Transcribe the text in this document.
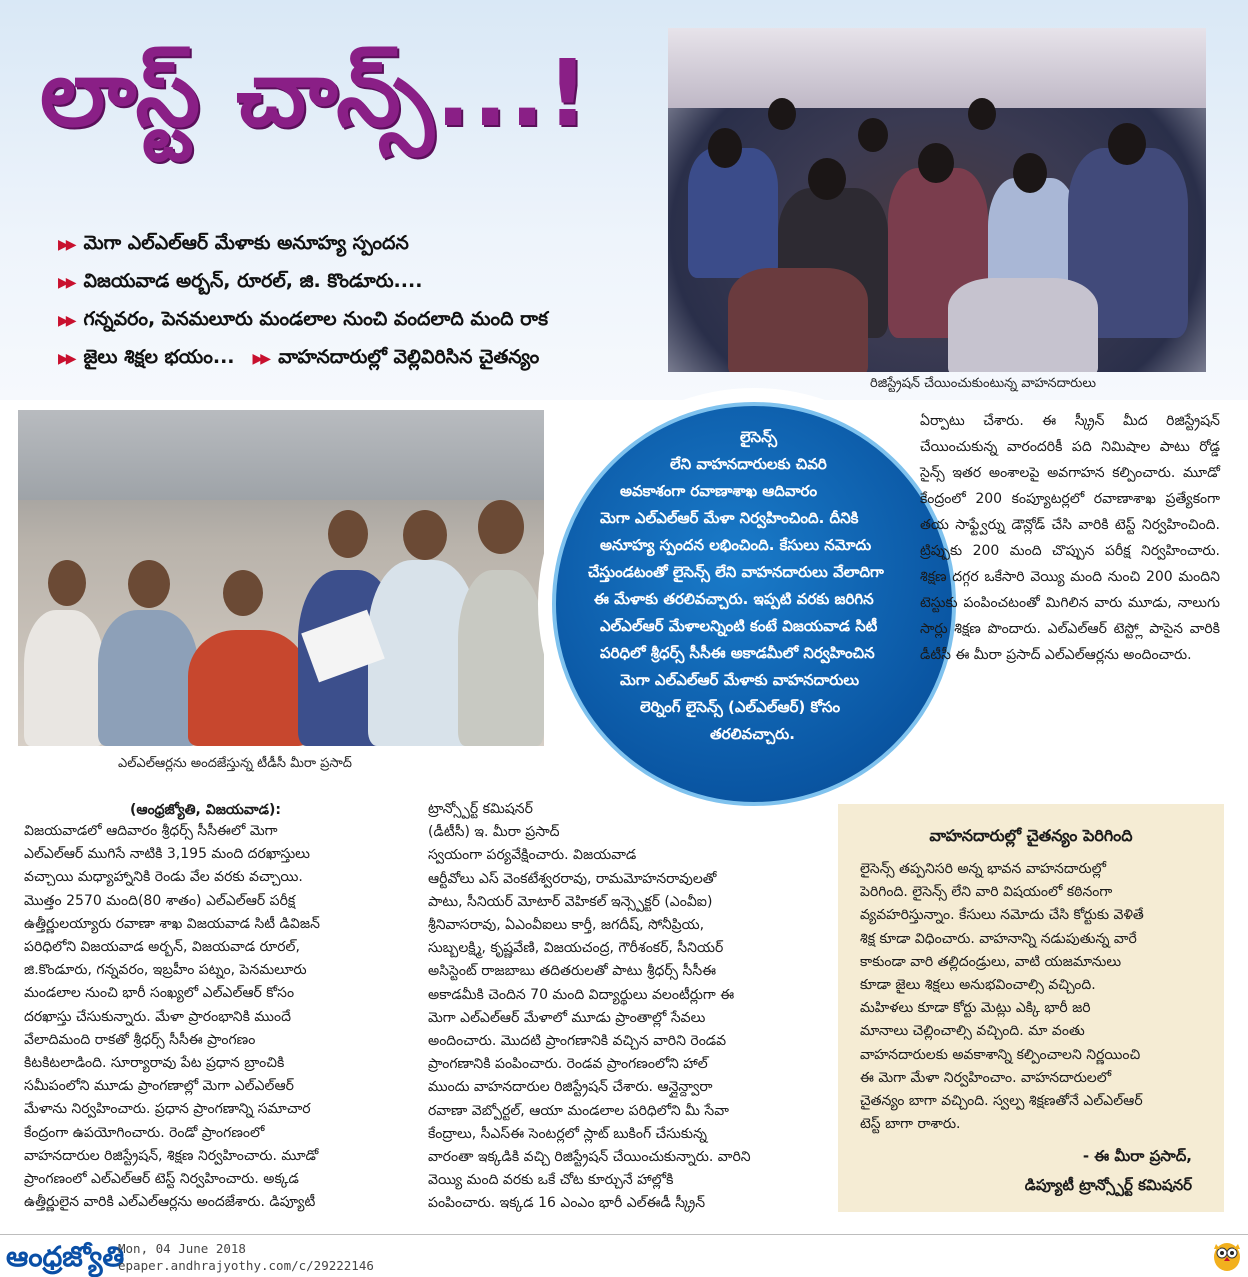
లాస్ట్ చాన్స్...!
▶▶ మెగా ఎల్ఎల్ఆర్ మేళాకు అనూహ్య స్పందన
▶▶ విజయవాడ అర్బన్, రూరల్, జి. కొండూరు....
▶▶ గన్నవరం, పెనమలూరు మండలాల నుంచి వందలాది మంది రాక
▶▶ జైలు శిక్షల భయం... ▶▶ వాహనదారుల్లో వెల్లివిరిసిన చైతన్యం
రిజిస్ట్రేషన్ చేయించుకుంటున్న వాహనదారులు
ఎల్ఎల్ఆర్లను అందజేస్తున్న టీడీసీ మీరా ప్రసాద్
లైసెన్స్
లేని వాహనదారులకు చివరి
అవకాశంగా రవాణాశాఖ ఆదివారం
మెగా ఎల్ఎల్ఆర్ మేళా నిర్వహించింది. దీనికి
అనూహ్య స్పందన లభించింది. కేసులు నమోదు
చేస్తుండటంతో లైసెన్స్ లేని వాహనదారులు వేలాదిగా
ఈ మేళాకు తరలివచ్చారు. ఇప్పటి వరకు జరిగిన
ఎల్ఎల్ఆర్ మేళాలన్నింటి కంటే విజయవాడ సిటీ
పరిధిలో శ్రీధర్స్ సీసీఈ అకాడమీలో నిర్వహించిన
మెగా ఎల్ఎల్ఆర్ మేళాకు వాహనదారులు
లెర్నింగ్ లైసెన్స్ (ఎల్ఎల్ఆర్) కోసం
తరలివచ్చారు.
ఏర్పాటు చేశారు. ఈ స్క్రీన్ మీద రిజిస్ట్రేషన్ చేయించుకున్న వారందరికీ పది నిమిషాల పాటు రోడ్డ సైన్స్ ఇతర అంశాలపై అవగాహన కల్పించారు. మూడో కేంద్రంలో 200 కంప్యూటర్లలో రవాణాశాఖ ప్రత్యేకంగా తయ సాఫ్ట్వేర్ను డౌన్లోడ్ చేసి వారికి టెస్ట్ నిర్వహించింది. ట్రిప్పుకు 200 మంది చొప్పున పరీక్ష నిర్వహించారు. శిక్షణ దగ్గర ఒకేసారి వెయ్యి మంది నుంచి 200 మందిని టెస్టుకు పంపించటంతో మిగిలిన వారు మూడు, నాలుగు సార్లు శిక్షణ పొందారు. ఎల్ఎల్ఆర్ టెస్ట్లో పాసైన వారికి డీటీసీ ఈ మీరా ప్రసాద్ ఎల్ఎల్ఆర్లను అందించారు.
(ఆంధ్రజ్యోతి, విజయవాడ):
విజయవాడలో ఆదివారం శ్రీధర్స్ సీసీఈలో మెగా
ఎల్ఎల్ఆర్ ముగిసే నాటికి 3,195 మంది దరఖాస్తులు
వచ్చాయి మధ్యాహ్నానికి రెండు వేల వరకు వచ్చాయి.
మొత్తం 2570 మంది(80 శాతం) ఎల్ఎల్ఆర్ పరీక్ష
ఉత్తీర్ణులయ్యారు రవాణా శాఖ విజయవాడ సిటీ డివిజన్
పరిధిలోని విజయవాడ అర్బన్, విజయవాడ రూరల్,
జి.కొండూరు, గన్నవరం, ఇబ్రహీం పట్నం, పెనమలూరు
మండలాల నుంచి భారీ సంఖ్యలో ఎల్ఎల్ఆర్ కోసం
దరఖాస్తు చేసుకున్నారు. మేళా ప్రారంభానికి ముందే
వేలాదిమంది రాకతో శ్రీధర్స్ సీసీఈ ప్రాంగణం
కిటకిటలాడింది. సూర్యారావు పేట ప్రధాన బ్రాంచికి
సమీపంలోని మూడు ప్రాంగణాల్లో మెగా ఎల్ఎల్ఆర్
మేళాను నిర్వహించారు. ప్రధాన ప్రాంగణాన్ని సమాచార
కేంద్రంగా ఉపయోగించారు. రెండో ప్రాంగణంలో
వాహనదారుల రిజిస్ట్రేషన్, శిక్షణ నిర్వహించారు. మూడో
ప్రాంగణంలో ఎల్ఎల్ఆర్ టెస్ట్ నిర్వహించారు. అక్కడ
ఉత్తీర్ణులైన వారికి ఎల్ఎల్ఆర్లను అందజేశారు. డిప్యూటీ
ట్రాన్స్పోర్ట్ కమిషనర్
(డీటీసీ) ఇ. మీరా ప్రసాద్
స్వయంగా పర్యవేక్షించారు. విజయవాడ
ఆర్టీవోలు ఎస్ వెంకటేశ్వరరావు, రామమోహనరావులతో
పాటు, సీనియర్ మోటార్ వెహికల్ ఇన్స్పెక్టర్ (ఎంవీఐ)
శ్రీనివాసరావు, ఏఎంవీఐలు కార్తీ, జగదీష్, సోనీప్రియ,
సుబ్బలక్ష్మి, కృష్ణవేణి, విజయచంద్ర, గౌరీశంకర్, సీనియర్
అసిస్టెంట్ రాజబాబు తదితరులతో పాటు శ్రీధర్స్ సీసీఈ
అకాడమీకి చెందిన 70 మంది విద్యార్థులు వలంటీర్లుగా ఈ
మెగా ఎల్ఎల్ఆర్ మేళాలో మూడు ప్రాంతాల్లో సేవలు
అందించారు. మొదటి ప్రాంగణానికి వచ్చిన వారిని రెండవ
ప్రాంగణానికి పంపించారు. రెండవ ప్రాంగణంలోని హాల్
ముందు వాహనదారుల రిజిస్ట్రేషన్ చేశారు. ఆన్లైన్ద్వారా
రవాణా వెబ్పోర్టల్, ఆయా మండలాల పరిధిలోని మీ సేవా
కేంద్రాలు, సీఎస్ఈ సెంటర్లలో స్లాట్ బుకింగ్ చేసుకున్న
వారంతా ఇక్కడికి వచ్చి రిజిస్ట్రేషన్ చేయించుకున్నారు. వారిని
వెయ్యి మంది వరకు ఒకే చోట కూర్చునే హాల్లోకి
పంపించారు. ఇక్కడ 16 ఎంఎం భారీ ఎల్ఈడీ స్క్రీన్
వాహనదారుల్లో చైతన్యం పెరిగింది
లైసెన్స్ తప్పనిసరి అన్న భావన వాహనదారుల్లో
పెరిగింది. లైసెన్స్ లేని వారి విషయంలో కఠినంగా
వ్యవహరిస్తున్నాం. కేసులు నమోదు చేసి కోర్టుకు వెళితే
శిక్ష కూడా విధించారు. వాహనాన్ని నడుపుతున్న వారే
కాకుండా వారి తల్లిదండ్రులు, వాటి యజమానులు
కూడా జైలు శిక్షలు అనుభవించాల్సి వచ్చింది.
మహిళలు కూడా కోర్టు మెట్లు ఎక్కి భారీ జరి
మానాలు చెల్లించాల్సి వచ్చింది. మా వంతు
వాహనదారులకు అవకాశాన్ని కల్పించాలని నిర్ణయించి
ఈ మెగా మేళా నిర్వహించాం. వాహనదారులలో
చైతన్యం బాగా వచ్చింది. స్వల్ప శిక్షణతోనే ఎల్ఎల్ఆర్
టెస్ట్ బాగా రాశారు.
- ఈ మీరా ప్రసాద్,
డిప్యూటీ ట్రాన్స్పోర్ట్ కమిషనర్
ఆంధ్రజ్యోతి
Mon, 04 June 2018
epaper.andhrajyothy.com/c/29222146
